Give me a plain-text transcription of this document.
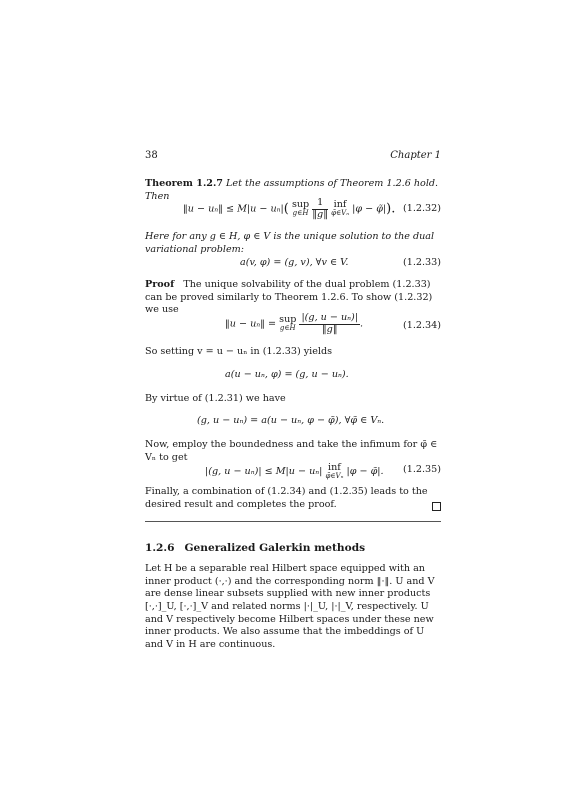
38	Chapter 1
Theorem 1.2.7 Let the assumptions of Theorem 1.2.6 hold. Then
‖u − uₙ‖ ≤ M|u − uₙ|( sup
g∈H
$\frac{1}{‖g‖}$ inf
φ̃∈Vₙ |φ − φ̃|). (1.2.32)
Here for any g ∈ H, φ ∈ V is the unique solution to the dual variational problem:
a(v, φ) = (g, v), ∀v ∈ V.	(1.2.33)
Proof The unique solvability of the dual problem (1.2.33) can be proved similarly to Theorem 1.2.6. To show (1.2.32) we use
‖u − uₙ‖ = sup
g∈H
$\frac{\text{|(g, u − uₙ)|}}{‖g‖}$ .	(1.2.34)
So setting v = u − uₙ in (1.2.33) yields
a(u − uₙ, φ) = (g, u − uₙ).
By virtue of (1.2.31) we have
(g, u − uₙ) = a(u − uₙ, φ − φ̃), ∀φ̃ ∈ Vₙ.
Now, employ the boundedness and take the infimum for φ̃ ∈ Vₙ to get
|(g, u − uₙ)| ≤ M|u − uₙ| inf
φ̃∈Vₙ |φ − φ̃|. (1.2.35)
Finally, a combination of (1.2.34) and (1.2.35) leads to the desired result and completes the proof.
1.2.6 Generalized Galerkin methods
Let H be a separable real Hilbert space equipped with an inner product (·,·) and the corresponding norm ‖·‖. U and V are dense linear subsets supplied with new inner products [·,·]_U, [·,·]_V and related norms |·|_U, |·|_V, respectively. U and V respectively become Hilbert spaces under these new inner products. We also assume that the imbeddings of U and V in H are continuous.
